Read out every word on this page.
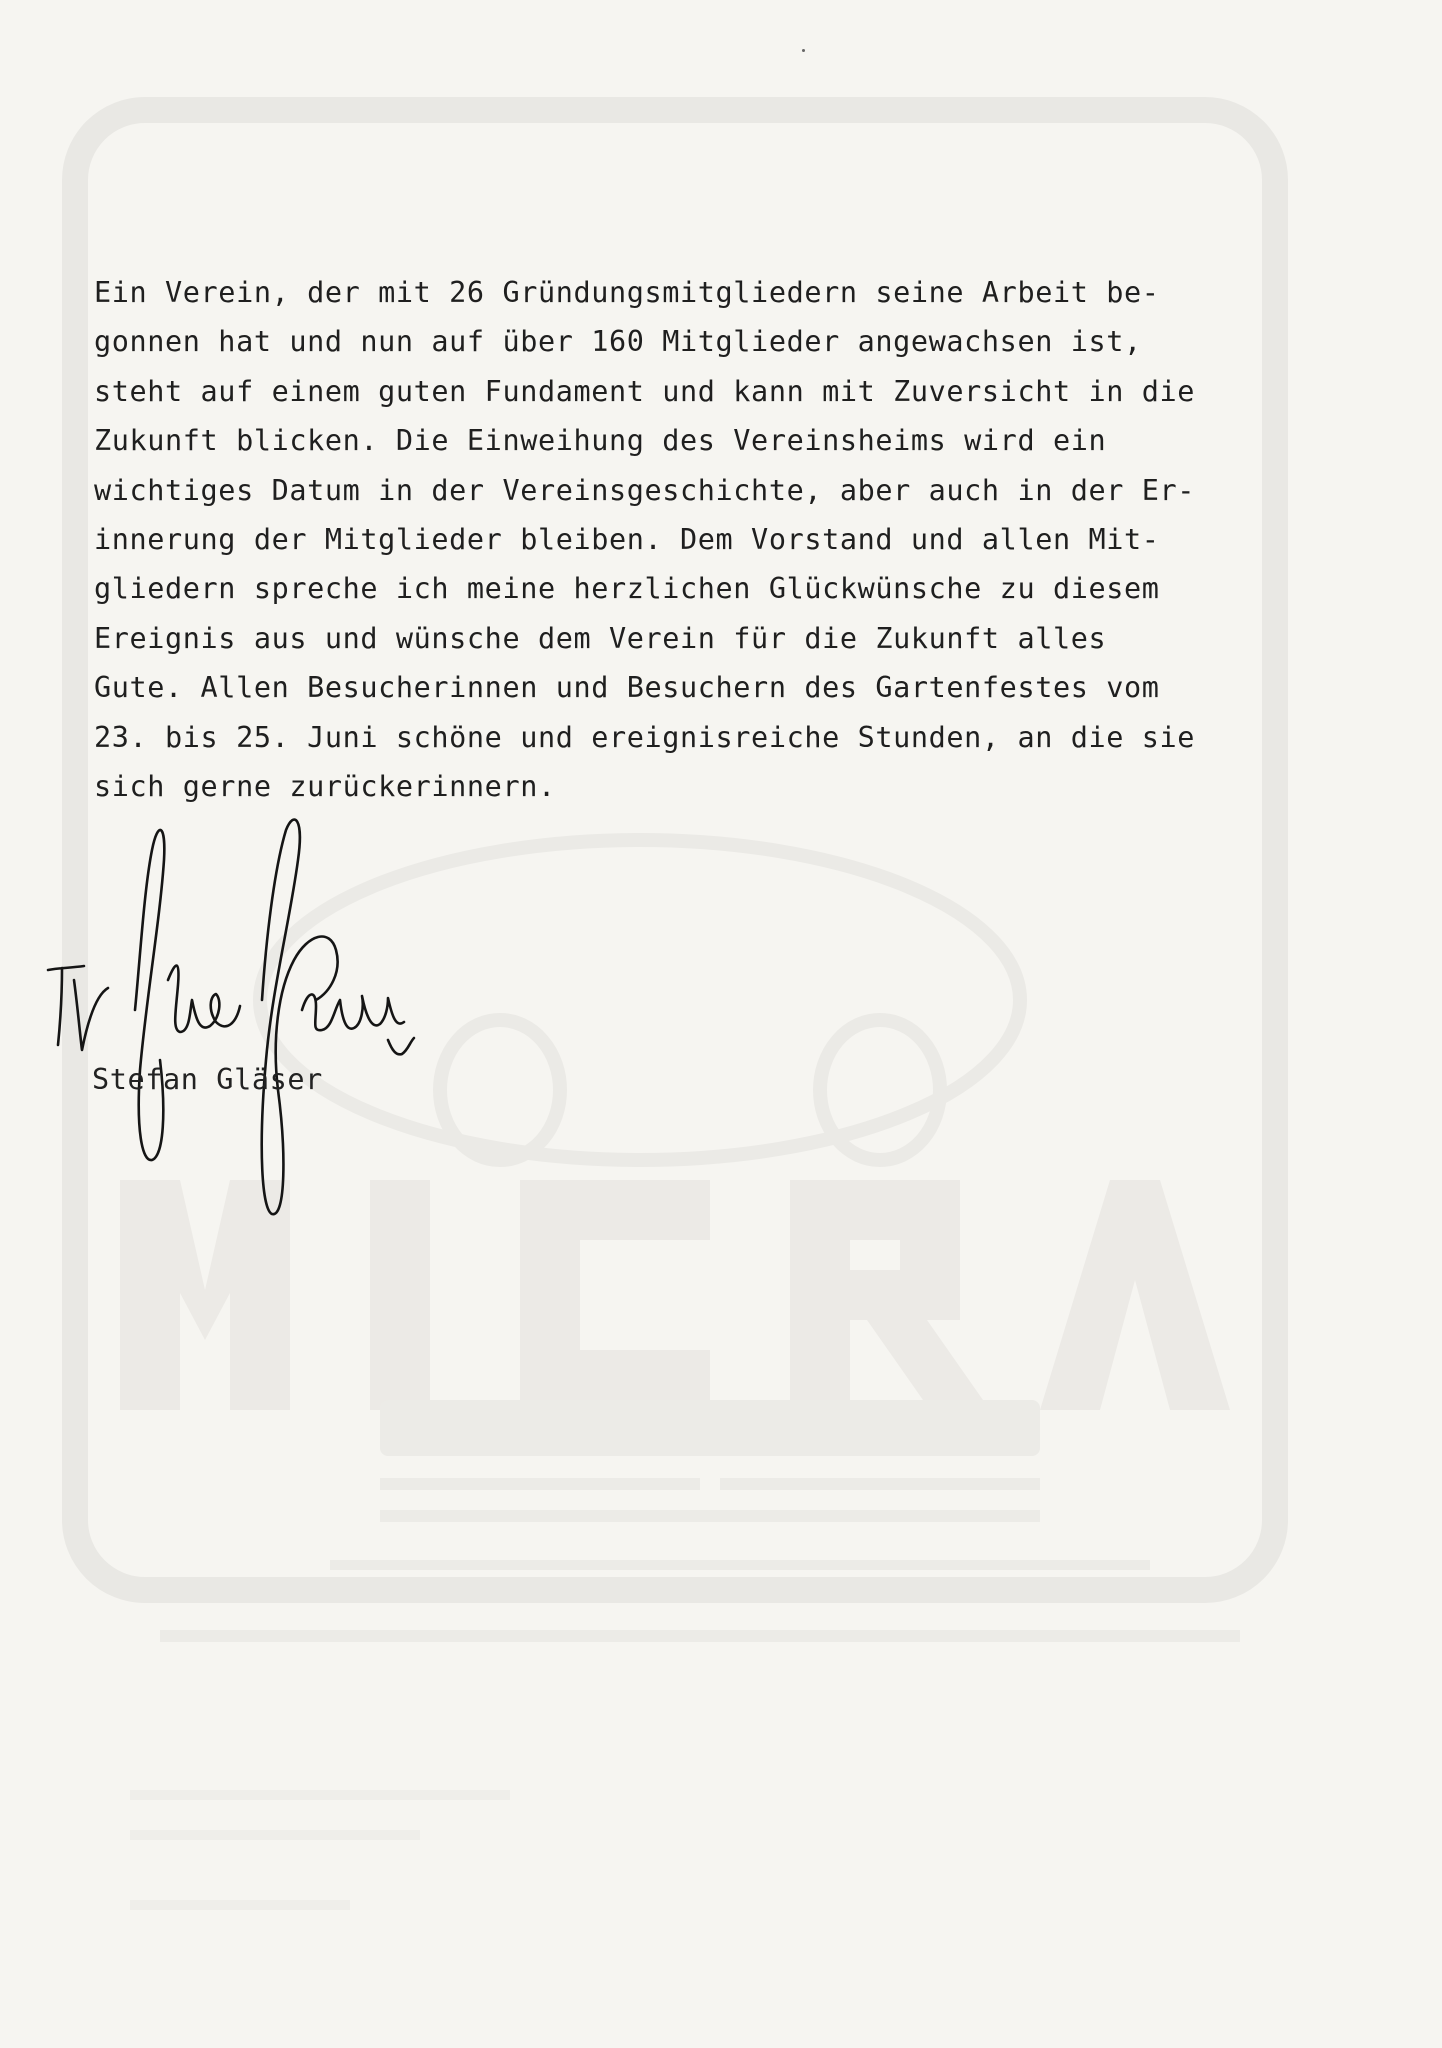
Ein Verein, der mit 26 Gründungsmitgliedern seine Arbeit be-
gonnen hat und nun auf über 160 Mitglieder angewachsen ist,
steht auf einem guten Fundament und kann mit Zuversicht in die
Zukunft blicken. Die Einweihung des Vereinsheims wird ein
wichtiges Datum in der Vereinsgeschichte, aber auch in der Er-
innerung der Mitglieder bleiben. Dem Vorstand und allen Mit-
gliedern spreche ich meine herzlichen Glückwünsche zu diesem
Ereignis aus und wünsche dem Verein für die Zukunft alles
Gute. Allen Besucherinnen und Besuchern des Gartenfestes vom
23. bis 25. Juni schöne und ereignisreiche Stunden, an die sie
sich gerne zurückerinnern.
Stefan Gläser
